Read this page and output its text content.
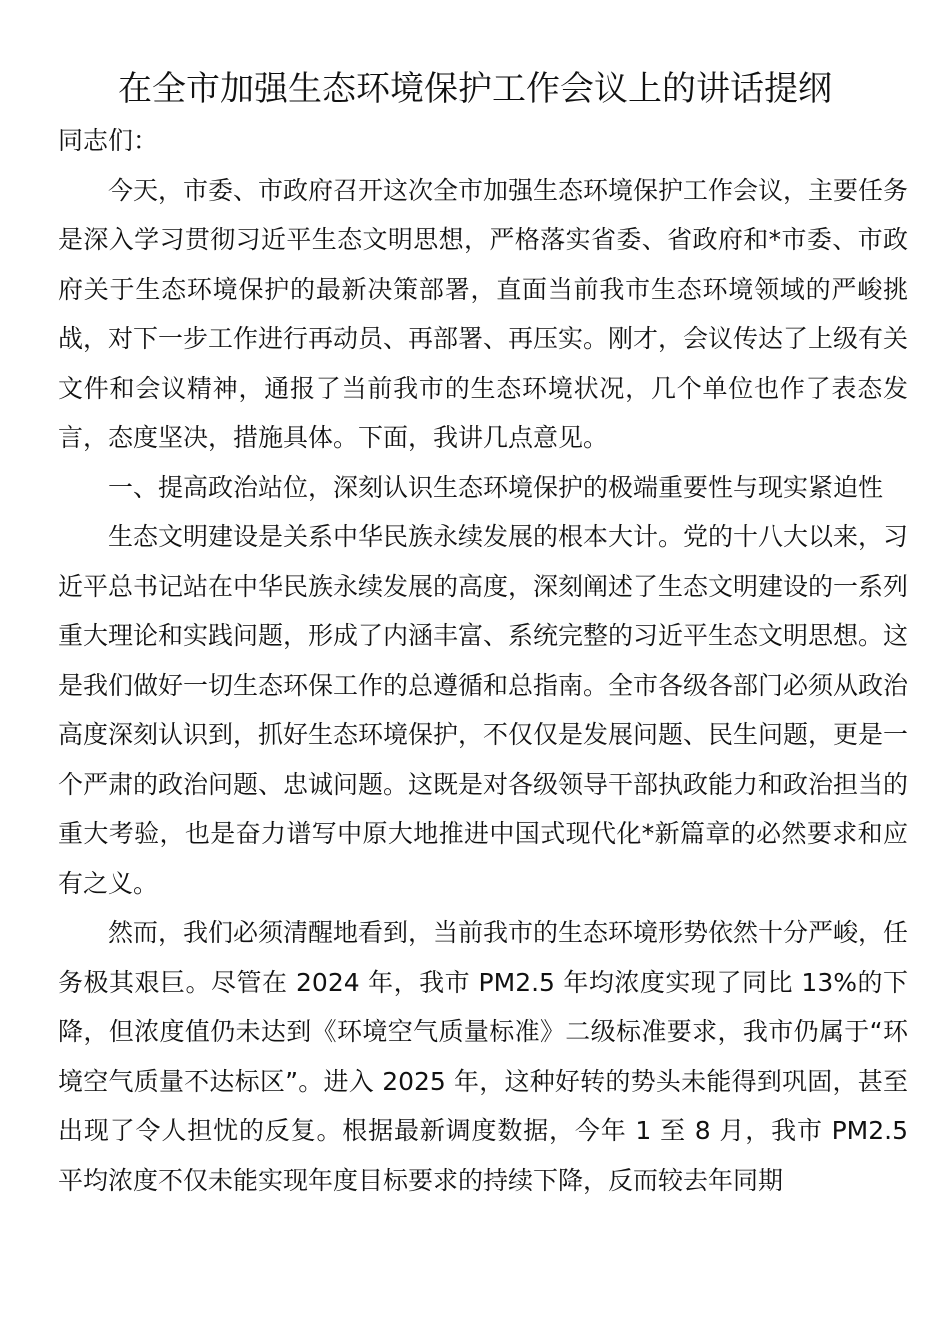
在全市加强生态环境保护工作会议上的讲话提纲

同志们：

今天，市委、市政府召开这次全市加强生态环境保护工作会议，主要任务是深入学习贯彻习近平生态文明思想，严格落实省委、省政府和*市委、市政府关于生态环境保护的最新决策部署，直面当前我市生态环境领域的严峻挑战，对下一步工作进行再动员、再部署、再压实。刚才，会议传达了上级有关文件和会议精神，通报了当前我市的生态环境状况，几个单位也作了表态发言，态度坚决，措施具体。下面，我讲几点意见。

一、提高政治站位，深刻认识生态环境保护的极端重要性与现实紧迫性

生态文明建设是关系中华民族永续发展的根本大计。党的十八大以来，习近平总书记站在中华民族永续发展的高度，深刻阐述了生态文明建设的一系列重大理论和实践问题，形成了内涵丰富、系统完整的习近平生态文明思想。这是我们做好一切生态环保工作的总遵循和总指南。全市各级各部门必须从政治高度深刻认识到，抓好生态环境保护，不仅仅是发展问题、民生问题，更是一个严肃的政治问题、忠诚问题。这既是对各级领导干部执政能力和政治担当的重大考验，也是奋力谱写中原大地推进中国式现代化*新篇章的必然要求和应有之义。

然而，我们必须清醒地看到，当前我市的生态环境形势依然十分严峻，任务极其艰巨。尽管在 2024 年，我市 PM2.5 年均浓度实现了同比 13%的下降，但浓度值仍未达到《环境空气质量标准》二级标准要求，我市仍属于“环境空气质量不达标区”。进入 2025 年，这种好转的势头未能得到巩固，甚至出现了令人担忧的反复。根据最新调度数据，今年 1 至 8 月，我市 PM2.5 平均浓度不仅未能实现年度目标要求的持续下降，反而较去年同期
